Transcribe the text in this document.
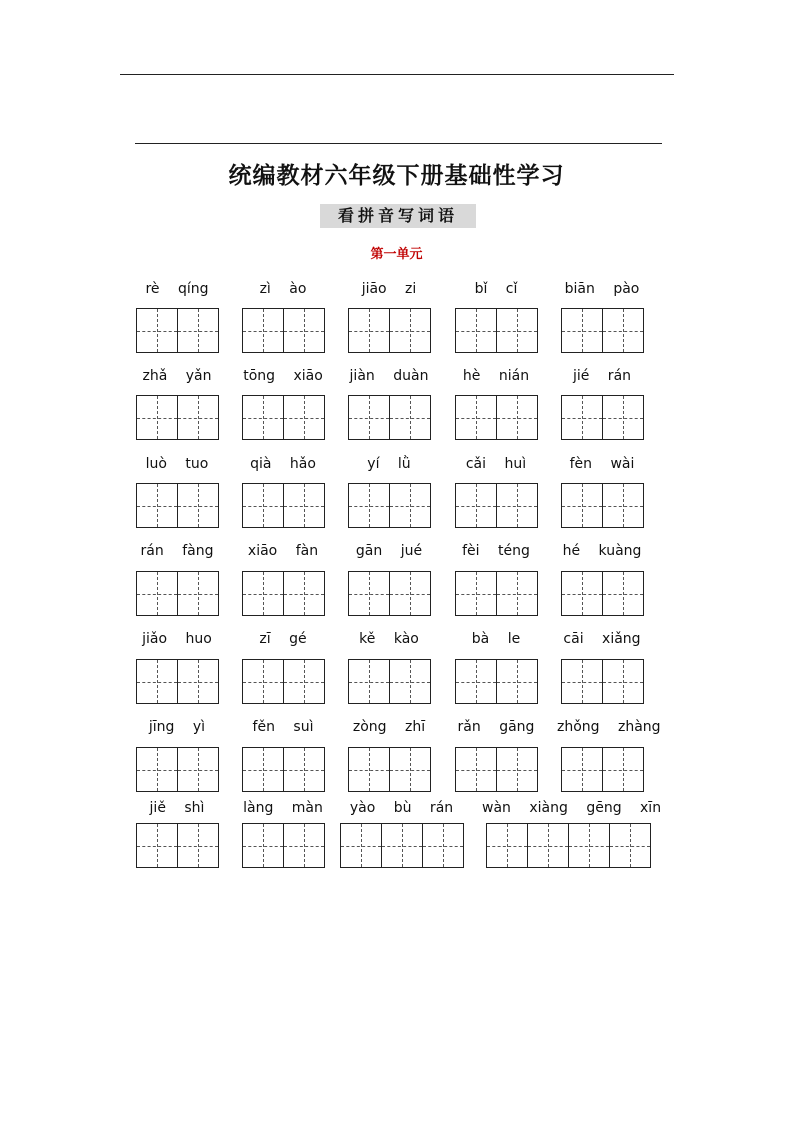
统编教材六年级下册基础性学习
看拼音写词语
第一单元
rè qíng	zì ào	jiāo zi	bǐ cǐ	biān pào
zhǎ yǎn	tōng xiāo	jiàn duàn	hè nián	jié rán
luò tuo	qià hǎo	yí lǜ	cǎi huì	fèn wài
rán fàng	xiāo fàn	gān jué	fèi téng	hé kuàng
jiǎo huo	zī gé	kě kào	bà le	cāi xiǎng
jīng yì	fěn suì	zòng zhī	rǎn gāng	zhǒng zhàng
jiě shì	làng màn	yào bù rán	wàn xiàng gēng xīn
